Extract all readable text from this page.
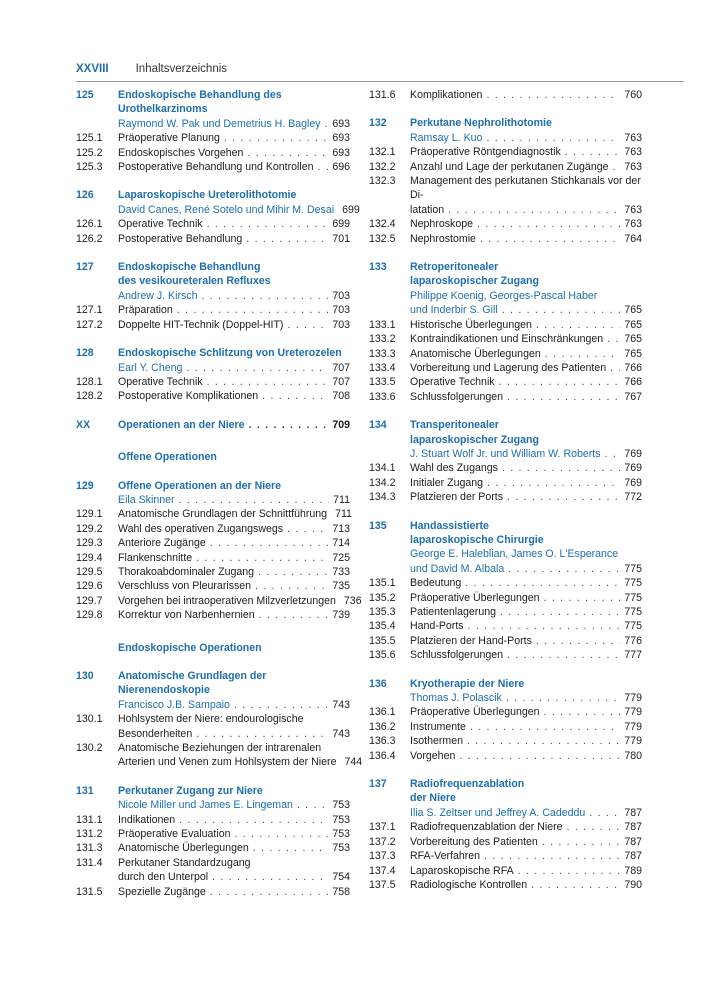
XXVIII Inhaltsverzeichnis
125	Endoskopische Behandlung des Urothelkarzinoms
Raymond W. Pak und Demetrius H. Bagley . . . 693
125.1	Präoperative Planung . . .	693
125.2	Endoskopisches Vorgehen . . .	693
125.3	Postoperative Behandlung und Kontrollen . . . 696
126	Laparoskopische Ureterolithotomie
David Canes, René Sotelo und Mihir M. Desai 699
126.1	Operative Technik . . .	699
126.2	Postoperative Behandlung . . .	701
127	Endoskopische Behandlung
des vesikoureteralen Refluxes
Andrew J. Kirsch . . .	703
127.1	Präparation . . .	703
127.2	Doppelte HIT-Technik (Doppel-HIT) . . .	703
128	Endoskopische Schlitzung von Ureterozelen
Earl Y. Cheng . . .	707
128.1	Operative Technik . . .	707
128.2	Postoperative Komplikationen . . .	708
XX	Operationen an der Niere . . .	709
Offene Operationen
129	Offene Operationen an der Niere
Eila Skinner . . .	711
129.1	Anatomische Grundlagen der Schnittführung 711
129.2	Wahl des operativen Zugangswegs . . .	713
129.3	Anteriore Zugänge . . .	714
129.4	Flankenschnitte . . .	725
129.5	Thorakoabdominaler Zugang . . .	733
129.6	Verschluss von Pleurarissen . . .	735
129.7	Vorgehen bei intraoperativen Milzverletzungen 736
129.8	Korrektur von Narbenhernien . . .	739
Endoskopische Operationen
130	Anatomische Grundlagen der Nierenendoskopie
Francisco J.B. Sampaio . . .	743
130.1	Hohlsystem der Niere: endourologische
Besonderheiten . . .	743
130.2	Anatomische Beziehungen der intrarenalen
Arterien und Venen zum Hohlsystem der Niere 744
131	Perkutaner Zugang zur Niere
Nicole Miller und James E. Lingeman . . .	753
131.1	Indikationen . . .	753
131.2	Präoperative Evaluation . . .	753
131.3	Anatomische Überlegungen . . .	753
131.4	Perkutaner Standardzugang
durch den Unterpol . . .	754
131.5	Spezielle Zugänge . . .	758
131.6	Komplikationen . . .	760
132	Perkutane Nephrolithotomie
Ramsay L. Kuo . . .	763
132.1	Präoperative Röntgendiagnostik . . .	763
132.2	Anzahl und Lage der perkutanen Zugänge . . . 763
132.3	Management des perkutanen Stichkanals vor der Di-
latation . . .	763
132.4	Nephroskope . . .	763
132.5	Nephrostomie . . .	764
133	Retroperitonealer
laparoskopischer Zugang
Philippe Koenig, Georges-Pascal Haber
und Inderbir S. Gill . . .	765
133.1	Historische Überlegungen . . .	765
133.2	Kontraindikationen und Einschränkungen . . . 765
133.3	Anatomische Überlegungen . . .	765
133.4	Vorbereitung und Lagerung des Patienten . . . 766
133.5	Operative Technik . . .	766
133.6	Schlussfolgerungen . . .	767
134	Transperitonealer
laparoskopischer Zugang
J. Stuart Wolf Jr. und William W. Roberts . . . 769
134.1	Wahl des Zugangs . . .	769
134.2	Initialer Zugang . . .	769
134.3	Platzieren der Ports . . .	772
135	Handassistierte
laparoskopische Chirurgie
George E. Haleblian, James O. L'Esperance
und David M. Albala . . .	775
135.1	Bedeutung . . .	775
135.2	Präoperative Überlegungen . . .	775
135.3	Patientenlagerung . . .	775
135.4	Hand-Ports . . .	775
135.5	Platzieren der Hand-Ports . . .	776
135.6	Schlussfolgerungen . . .	777
136	Kryotherapie der Niere
Thomas J. Polascik . . .	779
136.1	Präoperative Überlegungen . . .	779
136.2	Instrumente . . .	779
136.3	Isothermen . . .	779
136.4	Vorgehen . . .	780
137	Radiofrequenzablation
der Niere
Ilia S. Zeltser und Jeffrey A. Cadeddu . . .	787
137.1	Radiofrequenzablation der Niere . . .	787
137.2	Vorbereitung des Patienten . . .	787
137.3	RFA-Verfahren . . .	787
137.4	Laparoskopische RFA . . .	789
137.5	Radiologische Kontrollen . . .	790
